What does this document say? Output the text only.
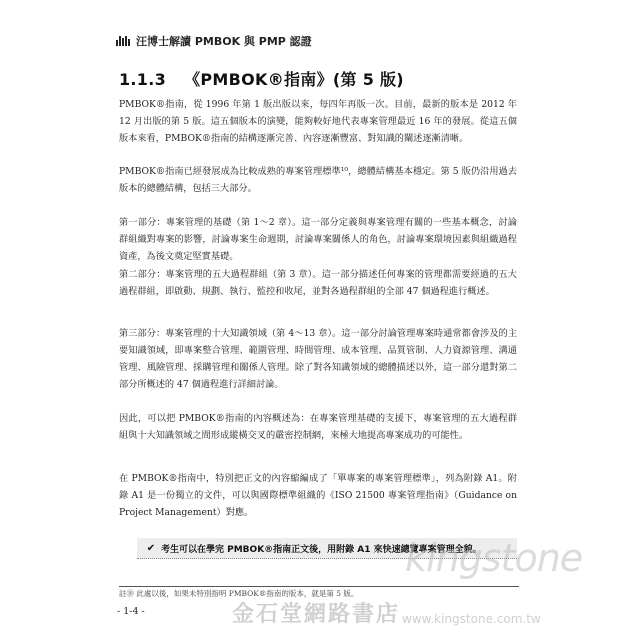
汪博士解讀 PMBOK 與 PMP 認證
1.1.3 《PMBOK®指南》(第 5 版)

PMBOK®指南，從 1996 年第 1 版出版以來，每四年再版一次。目前，最新的版本是 2012 年 12 月出版的第 5 版。這五個版本的演變，能夠較好地代表專案管理最近 16 年的發展。從這五個版本來看，PMBOK®指南的結構逐漸完善、內容逐漸豐富、對知識的闡述逐漸清晰。

PMBOK®指南已經發展成為比較成熟的專案管理標準¹⁰，總體結構基本穩定。第 5 版仍沿用過去版本的總體結構，包括三大部分。

第一部分：專案管理的基礎（第 1～2 章）。這一部分定義與專案管理有關的一些基本概念，討論群組織對專案的影響，討論專案生命週期，討論專案關係人的角色，討論專案環境因素與組織過程資產，為後文奠定堅實基礎。

第二部分：專案管理的五大過程群組（第 3 章）。這一部分描述任何專案的管理都需要經過的五大過程群組，即啟動、規劃、執行、監控和收尾，並對各過程群組的全部 47 個過程進行概述。

第三部分：專案管理的十大知識領域（第 4～13 章）。這一部分討論管理專案時通常都會涉及的主要知識領域，即專案整合管理、範圍管理、時間管理、成本管理、品質管制、人力資源管理、溝通管理、風險管理、採購管理和關係人管理。除了對各知識領域的總體描述以外，這一部分還對第二部分所概述的 47 個過程進行詳細討論。

因此，可以把 PMBOK®指南的內容概述為：在專案管理基礎的支援下，專案管理的五大過程群組與十大知識領域之間形成縱橫交叉的嚴密控制網，來極大地提高專案成功的可能性。

在 PMBOK®指南中，特別把正文的內容縮編成了「單專案的專案管理標準」，列為附錄 A1。附錄 A1 是一份獨立的文件，可以與國際標準組織的《ISO 21500 專案管理指南》（Guidance on Project Management）對應。

✔ 考生可以在學完 PMBOK®指南正文後，用附錄 A1 來快速總覽專案管理全貌。
註⑩ 此處以後，如果未特別指明 PMBOK®指南的版本，就是第 5 版。
- 1-4 -
kingstone
金石堂網路書店 www.kingstone.com.tw
